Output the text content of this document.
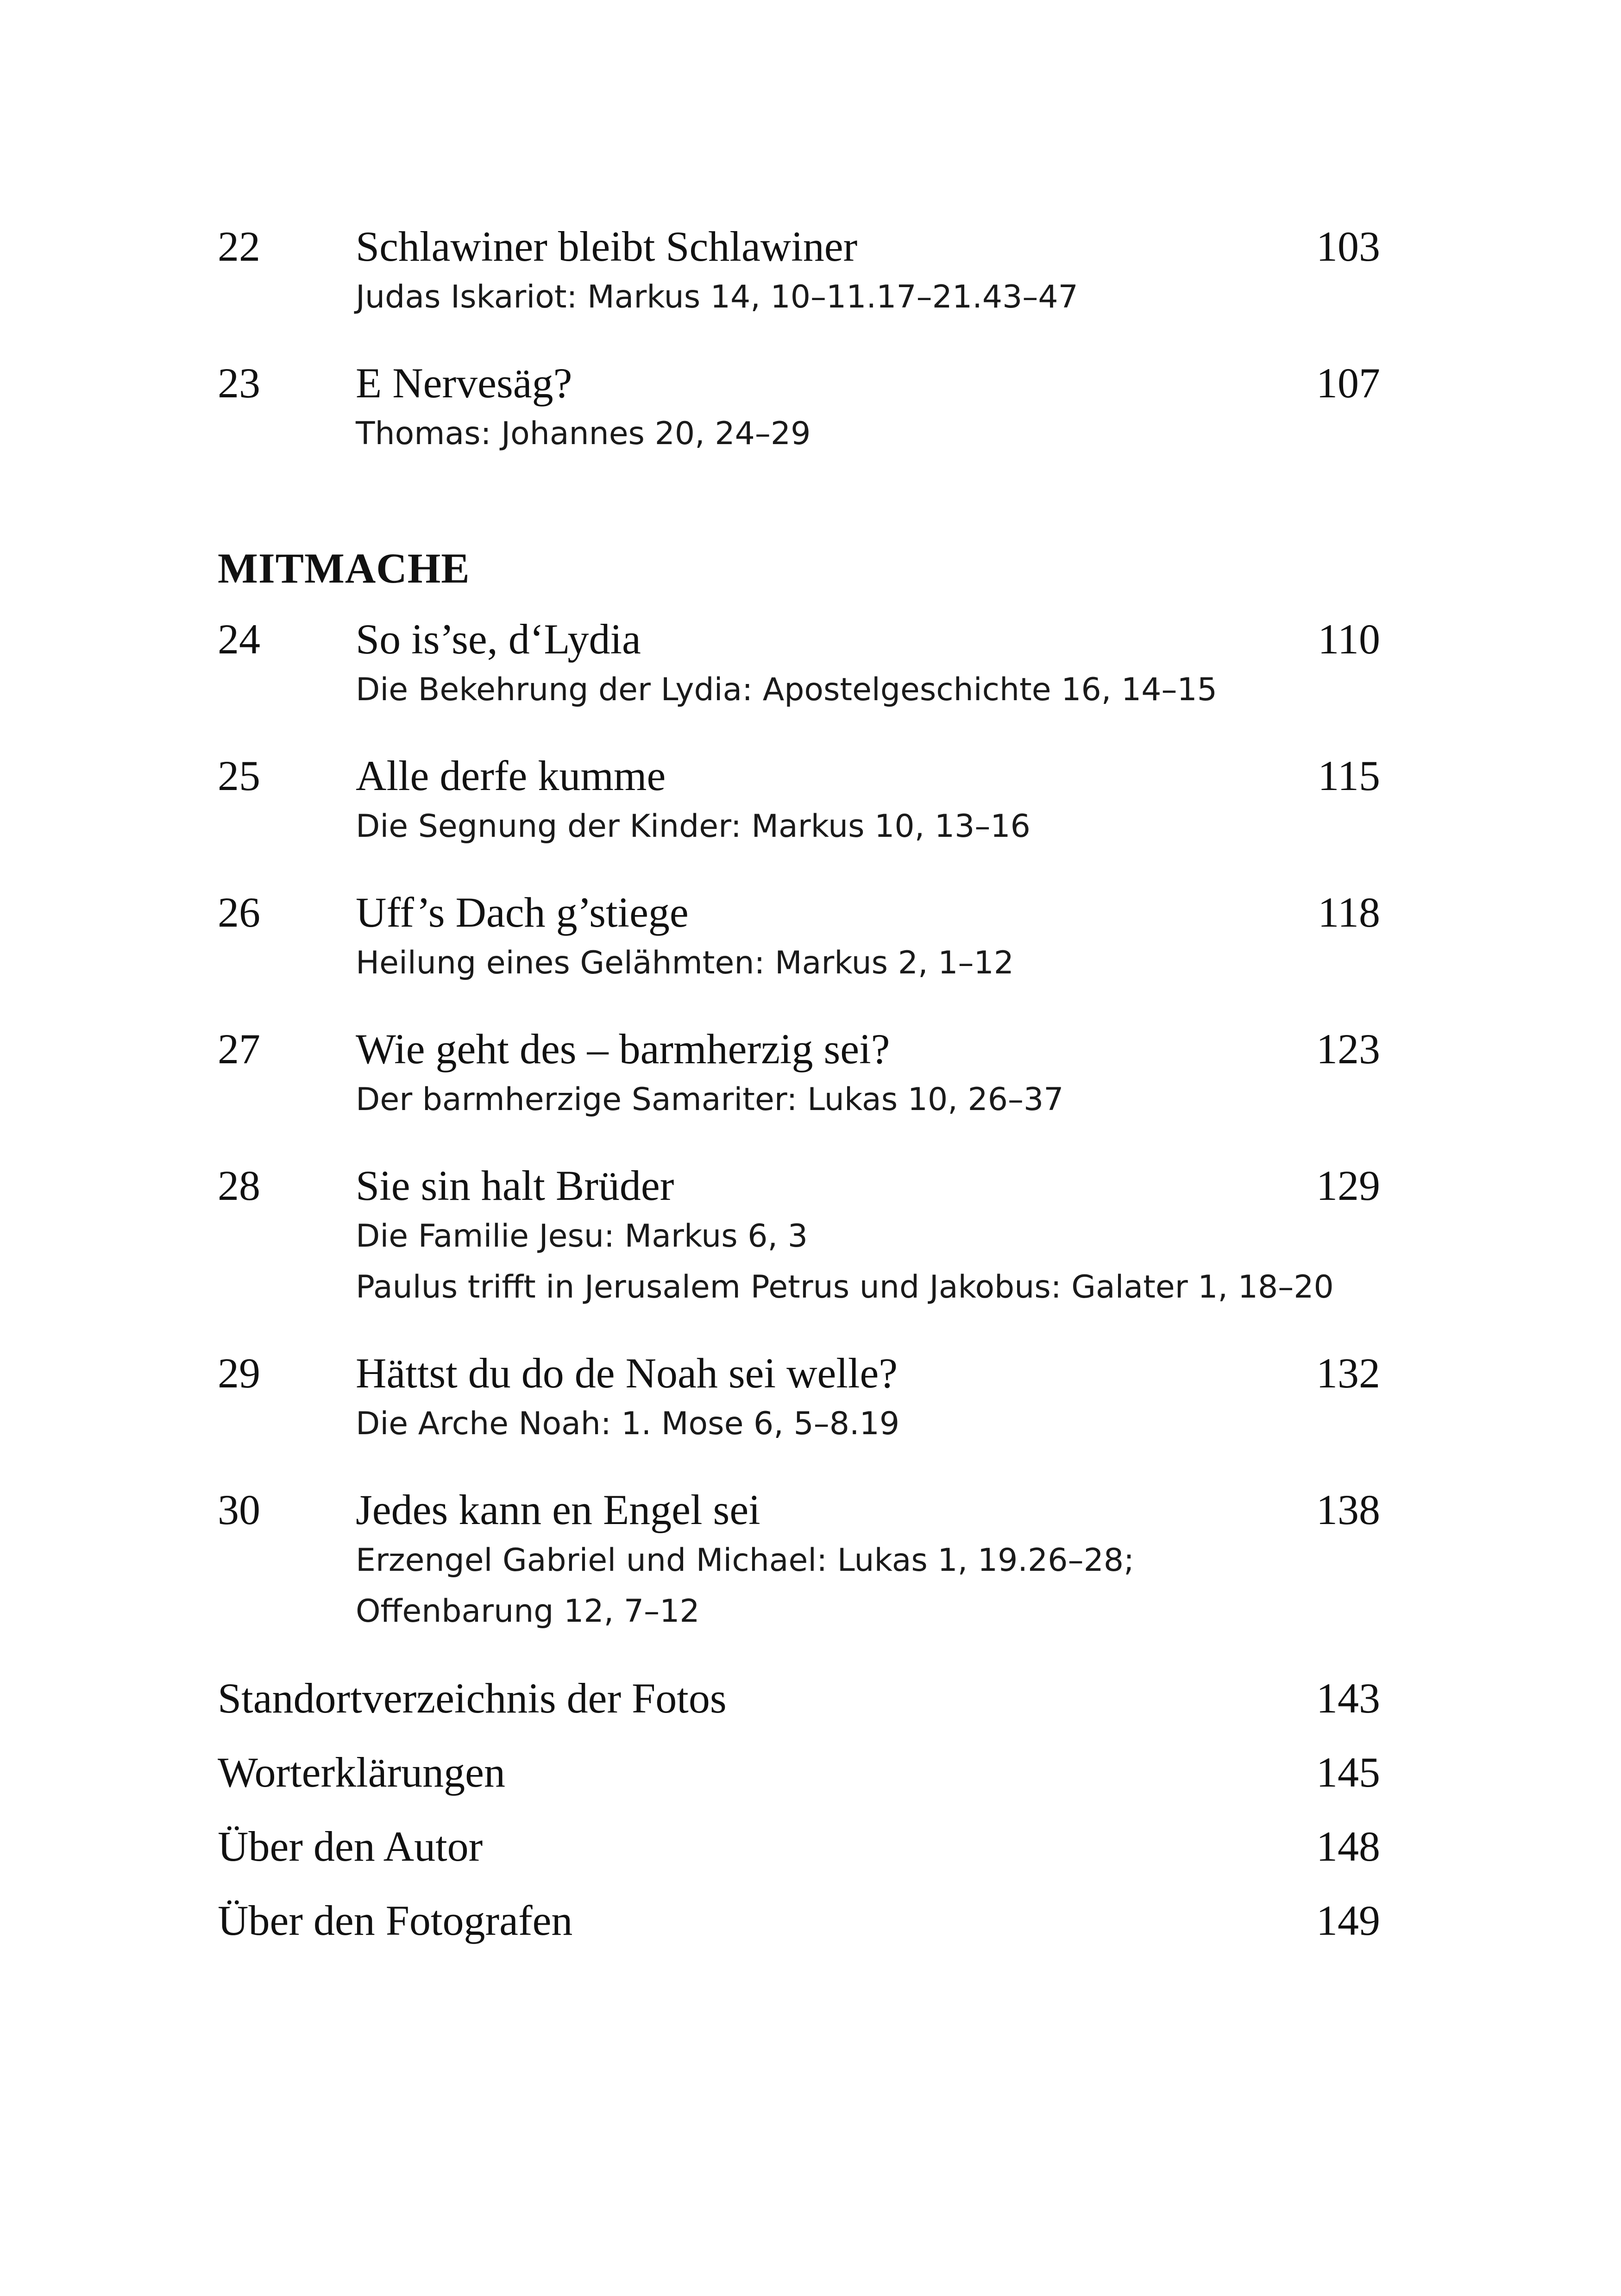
22 Schlawiner bleibt Schlawiner	103
Judas Iskariot: Markus 14, 10–11.17–21.43–47
23 E Nervesäg?	107
Thomas: Johannes 20, 24–29
MITMACHE
24 So is’se, d‘Lydia	110
Die Bekehrung der Lydia: Apostelgeschichte 16, 14–15
25 Alle derfe kumme	115
Die Segnung der Kinder: Markus 10, 13–16
26 Uff’s Dach g’stiege	118
Heilung eines Gelähmten: Markus 2, 1–12
27 Wie geht des – barmherzig sei?	123
Der barmherzige Samariter: Lukas 10, 26–37
28 Sie sin halt Brüder	129
Die Familie Jesu: Markus 6, 3
Paulus trifft in Jerusalem Petrus und Jakobus: Galater 1, 18–20
29 Hättst du do de Noah sei welle?	132
Die Arche Noah: 1. Mose 6, 5–8.19
30 Jedes kann en Engel sei	138
Erzengel Gabriel und Michael: Lukas 1, 19.26–28;
Offenbarung 12, 7–12
Standortverzeichnis der Fotos	143
Worterklärungen	145
Über den Autor	148
Über den Fotografen	149
